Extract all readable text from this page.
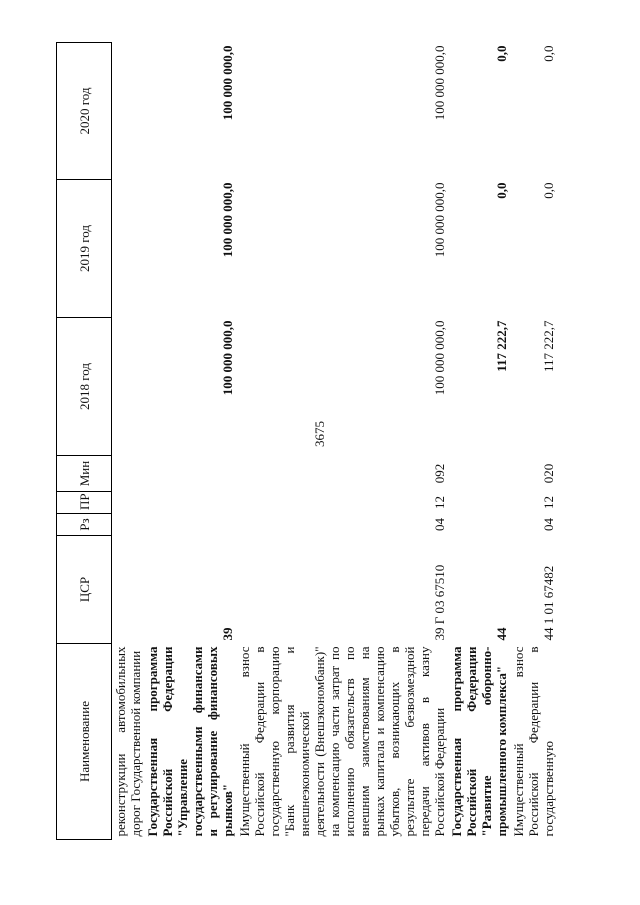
3675
Наименование	ЦСР	Рз	ПР	Мин	2018 год	2019 год	2020 год
реконструкции автомобильных дорог Государственной компании							
Государственная программа Российской Федерации "Управление государственными финансами и регулирование финансовых рынков"	39				100 000 000,0	100 000 000,0	100 000 000,0
Имущественный взнос Российской Федерации в государственную корпорацию "Банк развития и внешнеэкономической деятельности (Внешэкономбанк)" на компенсацию части затрат по исполнению обязательств по внешним заимствованиям на рынках капитала и компенсацию убытков, возникающих в результате безвозмездной передачи активов в казну Российской Федерации	39 Г 03 67510	04	12	092	100 000 000,0	100 000 000,0	100 000 000,0
Государственная программа Российской Федерации "Развитие оборонно-промышленного комплекса"	44				117 222,7	0,0	0,0
Имущественный взнос Российской Федерации в государственную	44 1 01 67482	04	12	020	117 222,7	0,0	0,0
